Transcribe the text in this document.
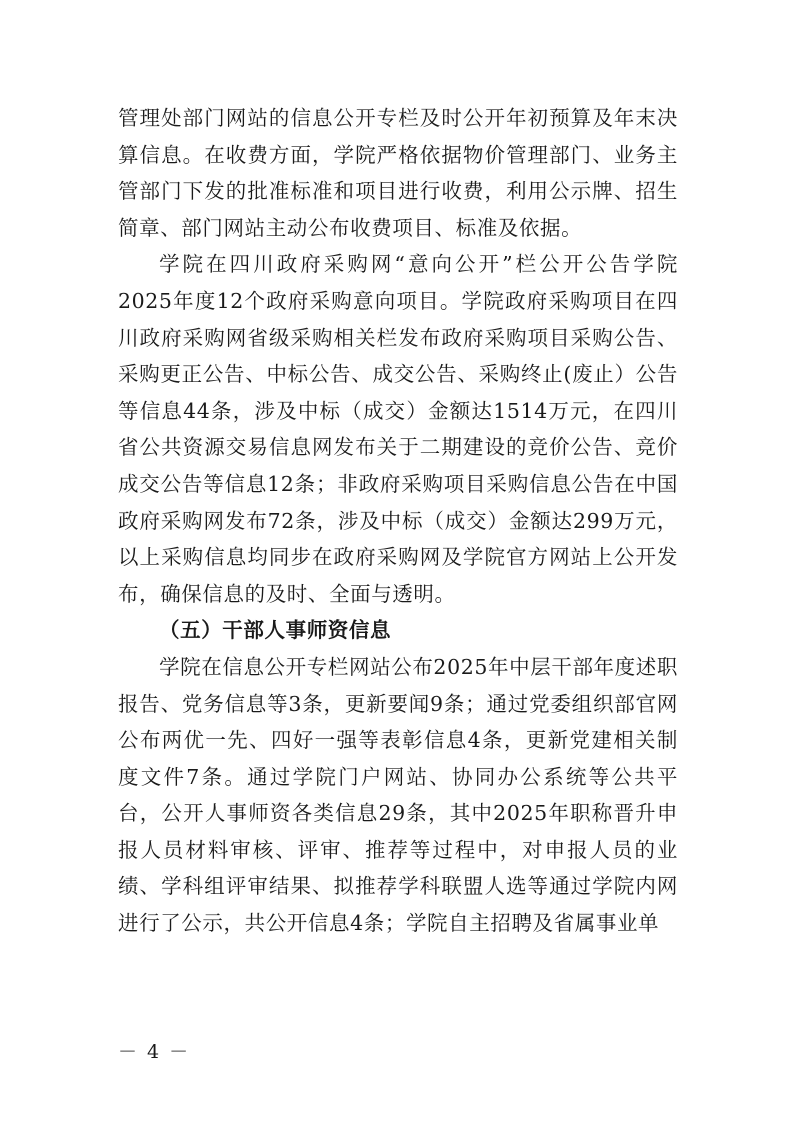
管理处部门网站的信息公开专栏及时公开年初预算及年末决算信息。在收费方面，学院严格依据物价管理部门、业务主管部门下发的批准标准和项目进行收费，利用公示牌、招生简章、部门网站主动公布收费项目、标准及依据。

学院在四川政府采购网“意向公开”栏公开公告学院2025年度12个政府采购意向项目。学院政府采购项目在四川政府采购网省级采购相关栏发布政府采购项目采购公告、采购更正公告、中标公告、成交公告、采购终止(废止）公告等信息44条，涉及中标（成交）金额达1514万元，在四川省公共资源交易信息网发布关于二期建设的竞价公告、竞价成交公告等信息12条；非政府采购项目采购信息公告在中国政府采购网发布72条，涉及中标（成交）金额达299万元，以上采购信息均同步在政府采购网及学院官方网站上公开发布，确保信息的及时、全面与透明。

（五）干部人事师资信息

学院在信息公开专栏网站公布2025年中层干部年度述职报告、党务信息等3条，更新要闻9条；通过党委组织部官网公布两优一先、四好一强等表彰信息4条，更新党建相关制度文件7条。通过学院门户网站、协同办公系统等公共平台，公开人事师资各类信息29条，其中2025年职称晋升申报人员材料审核、评审、推荐等过程中，对申报人员的业绩、学科组评审结果、拟推荐学科联盟人选等通过学院内网进行了公示，共公开信息4条；学院自主招聘及省属事业单

－ 4 －
